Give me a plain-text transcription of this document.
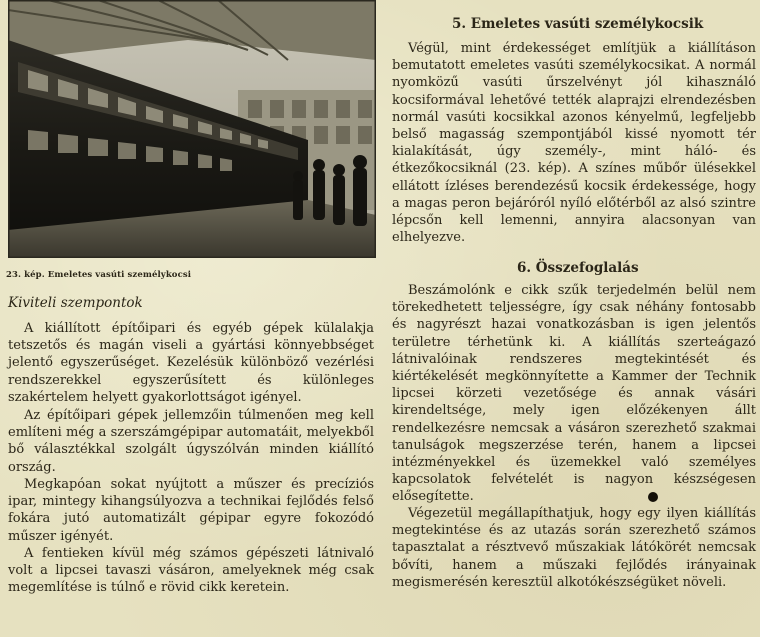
23. kép. Emeletes vasúti személykocsi
Kiviteli szempontok
A kiállított építőipari és egyéb gépek külalakja tetszetős és magán viseli a gyártási könnyebbséget jelentő egyszerűséget. Kezelésük különböző vezérlési rendszerekkel egyszerűsített és különleges szakértelem helyett gyakorlottságot igényel.
Az építőipari gépek jellemzőin túlmenően meg kell említeni még a szerszámgépipar automatáit, melyekből bő választékkal szolgált úgyszólván minden kiállító ország.
Megkapóan sokat nyújtott a műszer és precíziós ipar, mintegy kihangsúlyozva a technikai fejlődés felső fokára jutó automatizált gépipar egyre fokozódó műszer igényét.
A fentieken kívül még számos gépészeti látnivaló volt a lipcsei tavaszi vásáron, amelyeknek még csak megemlítése is túlnő e rövid cikk keretein.
5. Emeletes vasúti személykocsik
Végül, mint érdekességet említjük a kiállításon bemutatott emeletes vasúti személykocsikat. A normál nyomközű vasúti űrszelvényt jól kihasználó kocsiformával lehetővé tették alaprajzi elrendezésben normál vasúti kocsikkal azonos kényelmű, legfeljebb belső magasság szempontjából kissé nyomott tér kialakítását, úgy személy-, mint háló- és étkezőkocsiknál (23. kép). A színes műbőr ülésekkel ellátott ízléses berendezésű kocsik érdekessége, hogy a magas peron bejáróról nyíló előtérből az alsó szintre lépcsőn kell lemenni, annyira alacsonyan van elhelyezve.
6. Összefoglalás
Beszámolónk e cikk szűk terjedelmén belül nem törekedhetett teljességre, így csak néhány fontosabb és nagyrészt hazai vonatkozásban is igen jelentős területre térhetünk ki. A kiállítás szerteágazó látnivalóinak rendszeres megtekintését és kiértékelését megkönnyítette a Kammer der Technik lipcsei körzeti vezetősége és annak vásári kirendeltsége, mely igen előzékenyen állt rendelkezésre nemcsak a vásáron szerezhető szakmai tanulságok megszerzése terén, hanem a lipcsei intézményekkel és üzemekkel való személyes kapcsolatok felvételét is nagyon készségesen elősegítette.
Végezetül megállapíthatjuk, hogy egy ilyen kiállítás megtekintése és az utazás során szerezhető számos tapasztalat a résztvevő műszakiak látókörét nemcsak bővíti, hanem a műszaki fejlődés irányainak megismerésén keresztül alkotókészségüket növeli.
